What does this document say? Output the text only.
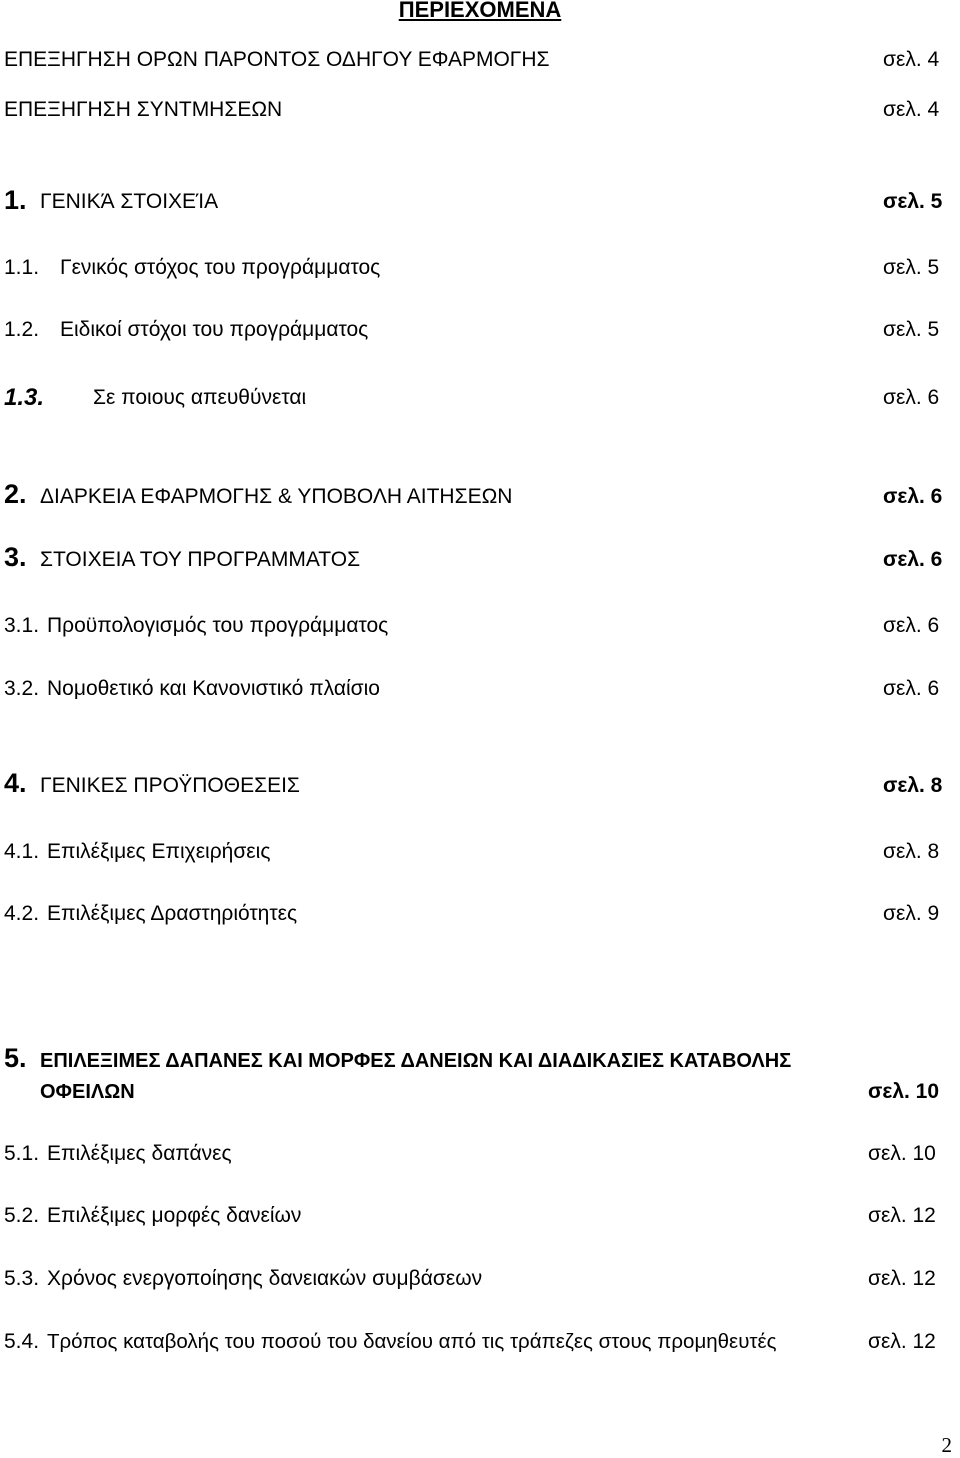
ΠΕΡΙΕΧΟΜΕΝΑ
ΕΠΕΞΗΓΗΣΗ ΟΡΩΝ ΠΑΡΟΝΤΟΣ ΟΔΗΓΟΥ ΕΦΑΡΜΟΓΗΣ	σελ. 4
ΕΠΕΞΗΓΗΣΗ ΣΥΝΤΜΗΣΕΩΝ	σελ. 4
1. ΓΕΝΙΚΆ ΣΤΟΙΧΕΊΑ	σελ. 5
1.1. Γενικός στόχος του προγράμματος	σελ. 5
1.2. Ειδικοί στόχοι του προγράμματος	σελ. 5
1.3. Σε ποιους απευθύνεται	σελ. 6
2. ΔΙΑΡΚΕΙΑ ΕΦΑΡΜΟΓΗΣ & ΥΠΟΒΟΛΗ ΑΙΤΗΣΕΩΝ	σελ. 6
3. ΣΤΟΙΧΕΙΑ ΤΟΥ ΠΡΟΓΡΑΜΜΑΤΟΣ	σελ. 6
3.1. Προϋπολογισμός του προγράμματος	σελ. 6
3.2. Νομοθετικό και Κανονιστικό πλαίσιο	σελ. 6
4. ΓΕΝΙΚΕΣ ΠΡΟΫΠΟΘΕΣΕΙΣ	σελ. 8
4.1. Επιλέξιμες Επιχειρήσεις	σελ. 8
4.2. Επιλέξιμες Δραστηριότητες	σελ. 9
5. ΕΠΙΛΕΞΙΜΕΣ ΔΑΠΑΝΕΣ ΚΑΙ ΜΟΡΦΕΣ ΔΑΝΕΙΩΝ ΚΑΙ ΔΙΑΔΙΚΑΣΙΕΣ ΚΑΤΑΒΟΛΗΣ
ΟΦΕΙΛΩΝ	σελ. 10
5.1. Επιλέξιμες δαπάνες	σελ. 10
5.2. Επιλέξιμες μορφές δανείων	σελ. 12
5.3. Χρόνος ενεργοποίησης δανειακών συμβάσεων	σελ. 12
5.4. Τρόπος καταβολής του ποσού του δανείου από τις τράπεζες στους προμηθευτές	σελ. 12
2
